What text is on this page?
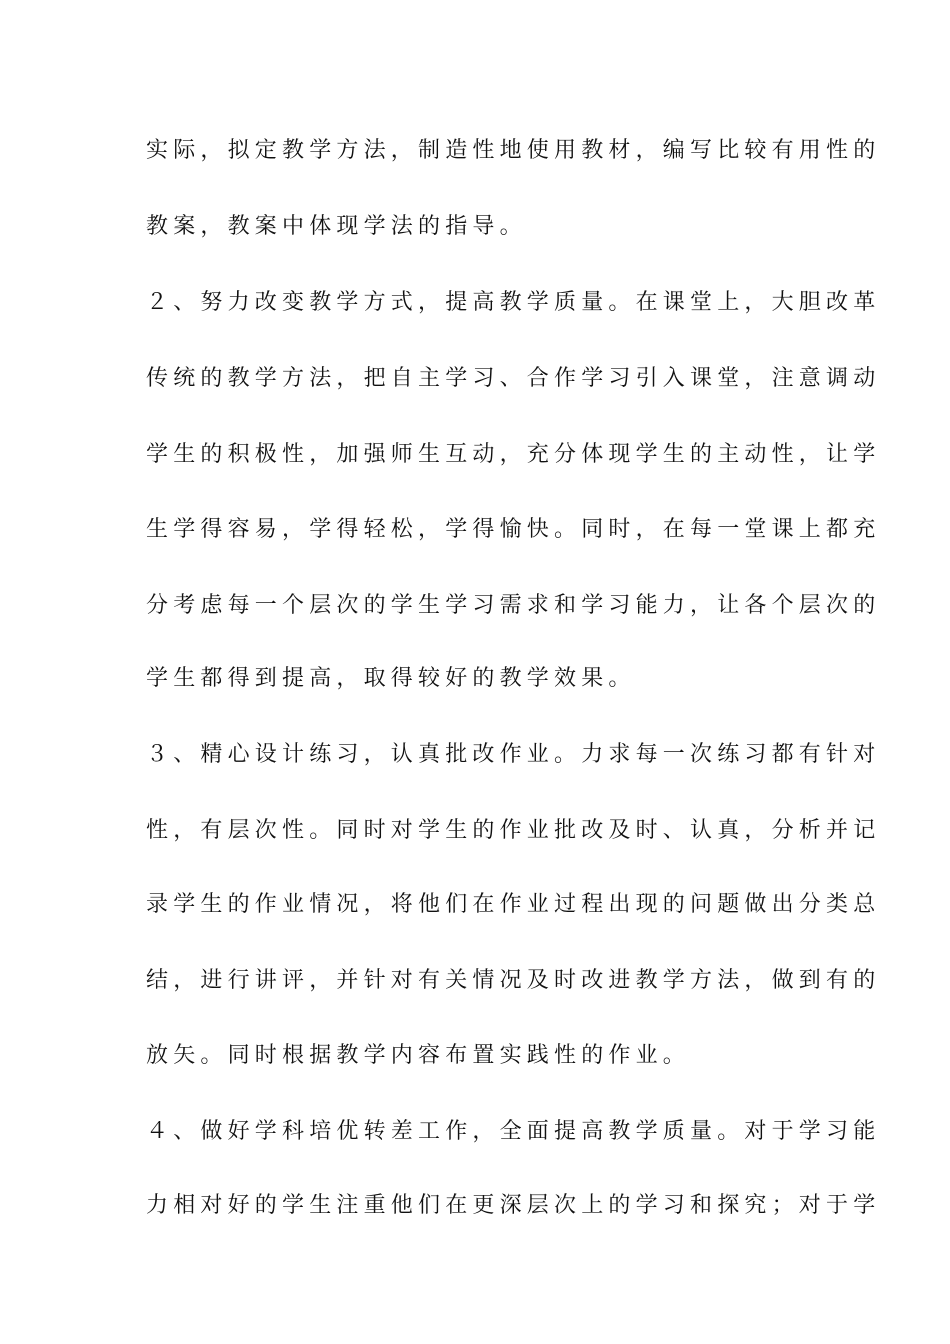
实际，拟定教学方法，制造性地使用教材，编写比较有用性的
教案，教案中体现学法的指导。
２、努力改变教学方式，提高教学质量。在课堂上，大胆改革
传统的教学方法，把自主学习、合作学习引入课堂，注意调动
学生的积极性，加强师生互动，充分体现学生的主动性，让学
生学得容易，学得轻松，学得愉快。同时，在每一堂课上都充
分考虑每一个层次的学生学习需求和学习能力，让各个层次的
学生都得到提高，取得较好的教学效果。
３、精心设计练习，认真批改作业。力求每一次练习都有针对
性，有层次性。同时对学生的作业批改及时、认真，分析并记
录学生的作业情况，将他们在作业过程出现的问题做出分类总
结，进行讲评，并针对有关情况及时改进教学方法，做到有的
放矢。同时根据教学内容布置实践性的作业。
４、做好学科培优转差工作，全面提高教学质量。对于学习能
力相对好的学生注重他们在更深层次上的学习和探究；对于学
